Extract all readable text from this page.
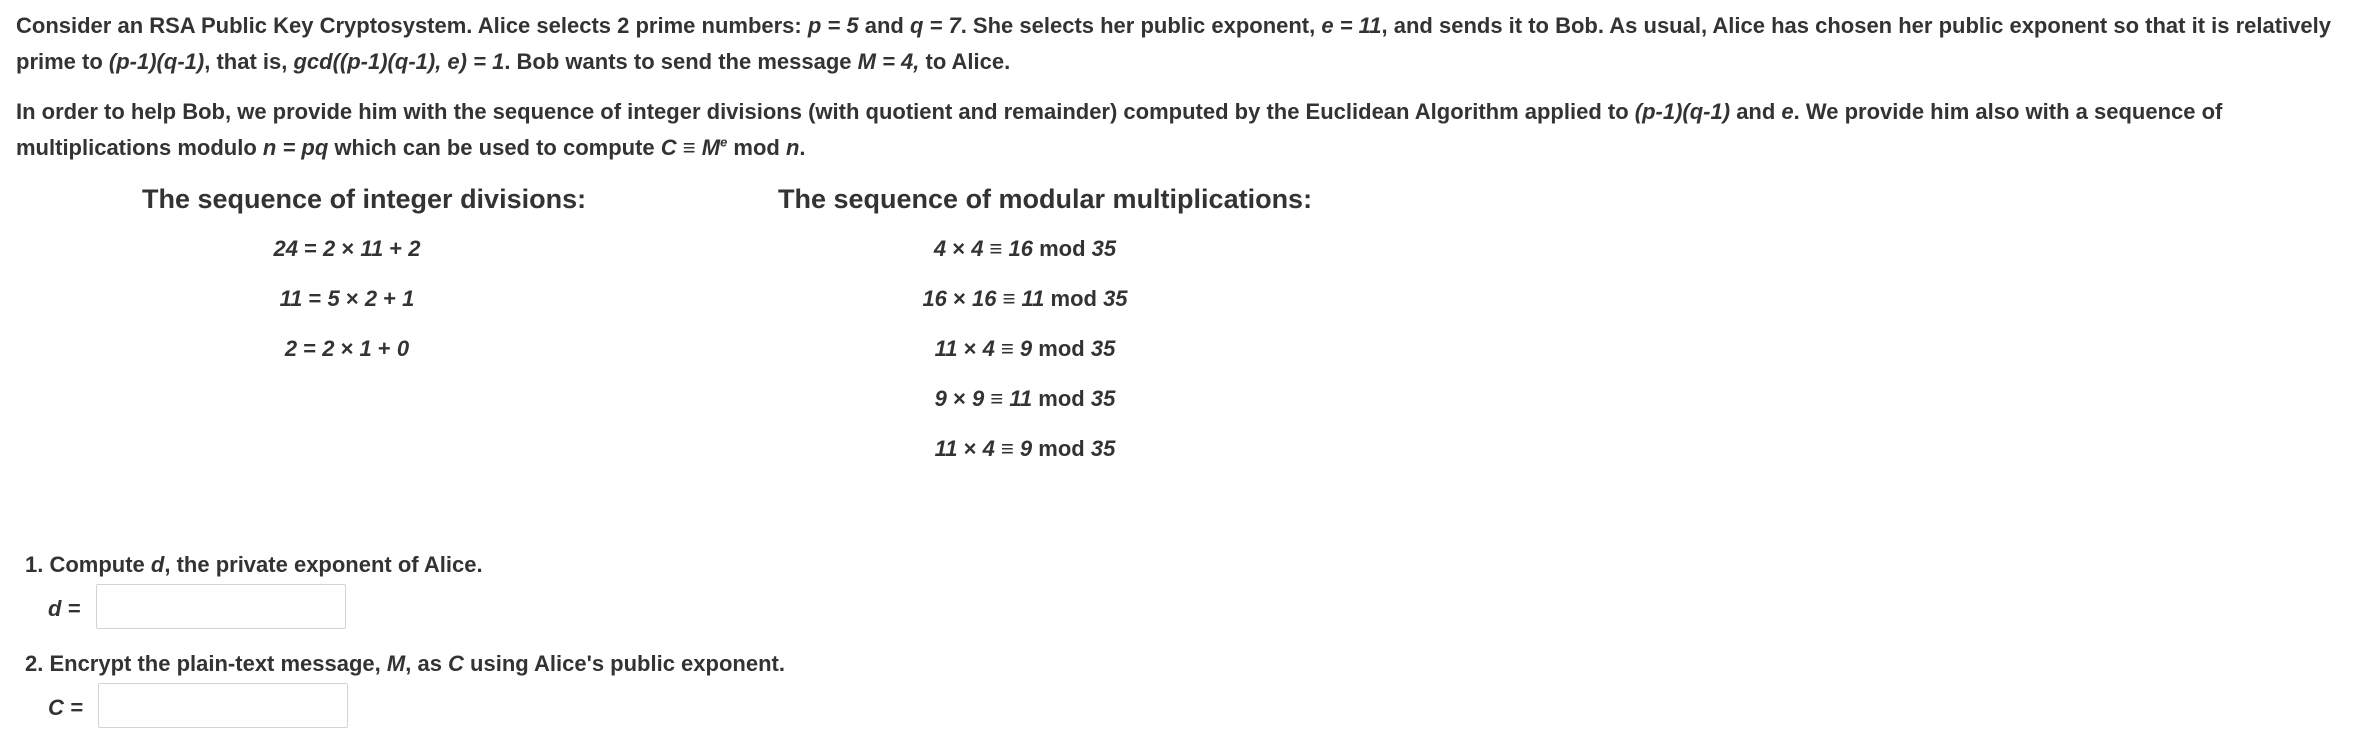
Consider an RSA Public Key Cryptosystem. Alice selects 2 prime numbers: p = 5 and q = 7. She selects her public exponent, e = 11, and sends it to Bob. As usual, Alice has chosen her public exponent so that it is relatively prime to (p-1)(q-1), that is, gcd((p-1)(q-1), e) = 1. Bob wants to send the message M = 4, to Alice.
In order to help Bob, we provide him with the sequence of integer divisions (with quotient and remainder) computed by the Euclidean Algorithm applied to (p-1)(q-1) and e. We provide him also with a sequence of multiplications modulo n = pq which can be used to compute $C \equiv M^e$ mod n.
The sequence of integer divisions:	The sequence of modular multiplications:
24 = 2 × 11 + 2
11 = 5 × 2 + 1
2 = 2 × 1 + 0
4 × 4 ≡ 16 mod 35
16 × 16 ≡ 11 mod 35
11 × 4 ≡ 9 mod 35
9 × 9 ≡ 11 mod 35
11 × 4 ≡ 9 mod 35
1. Compute d, the private exponent of Alice.
d =
2. Encrypt the plain-text message, M, as C using Alice's public exponent.
C =
